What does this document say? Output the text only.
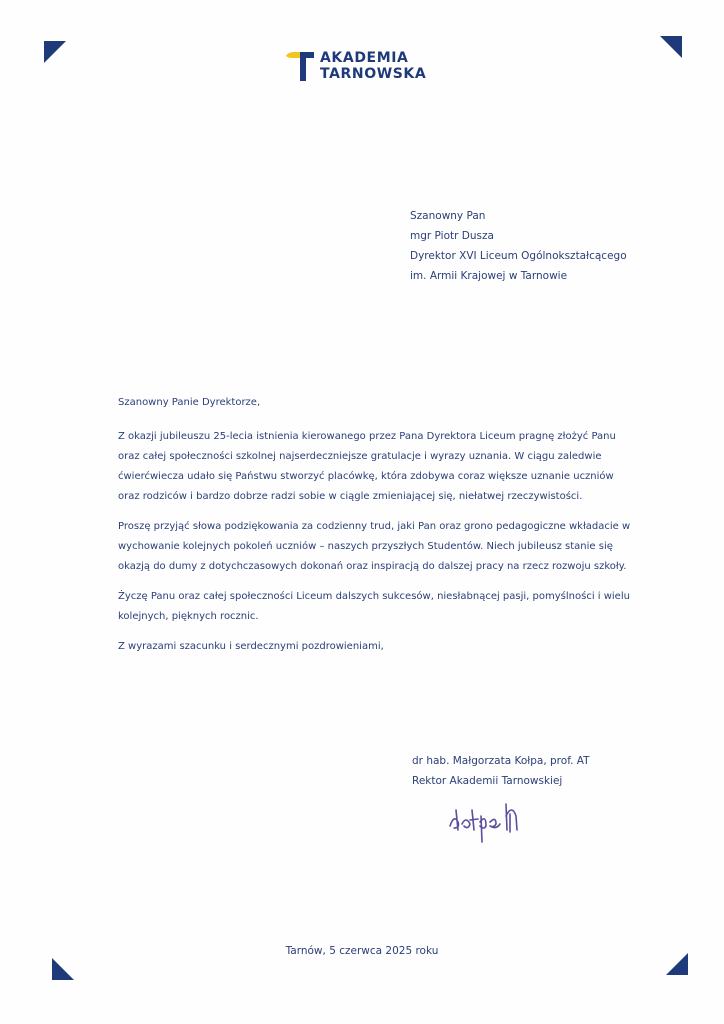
AKADEMIA
TARNOWSKA
Szanowny Pan
mgr Piotr Dusza
Dyrektor XVI Liceum Ogólnokształcącego
im. Armii Krajowej w Tarnowie
Szanowny Panie Dyrektorze,

Z okazji jubileuszu 25-lecia istnienia kierowanego przez Pana Dyrektora Liceum pragnę złożyć Panu oraz całej społeczności szkolnej najserdeczniejsze gratulacje i wyrazy uznania. W ciągu zaledwie ćwierćwiecza udało się Państwu stworzyć placówkę, która zdobywa coraz większe uznanie uczniów oraz rodziców i bardzo dobrze radzi sobie w ciągle zmieniającej się, niełatwej rzeczywistości.

Proszę przyjąć słowa podziękowania za codzienny trud, jaki Pan oraz grono pedagogiczne wkładacie w wychowanie kolejnych pokoleń uczniów – naszych przyszłych Studentów. Niech jubileusz stanie się okazją do dumy z dotychczasowych dokonań oraz inspiracją do dalszej pracy na rzecz rozwoju szkoły.

Życzę Panu oraz całej społeczności Liceum dalszych sukcesów, niesłabnącej pasji, pomyślności i wielu kolejnych, pięknych rocznic.

Z wyrazami szacunku i serdecznymi pozdrowieniami,

dr hab. Małgorzata Kołpa, prof. AT
Rektor Akademii Tarnowskiej
Tarnów, 5 czerwca 2025 roku
